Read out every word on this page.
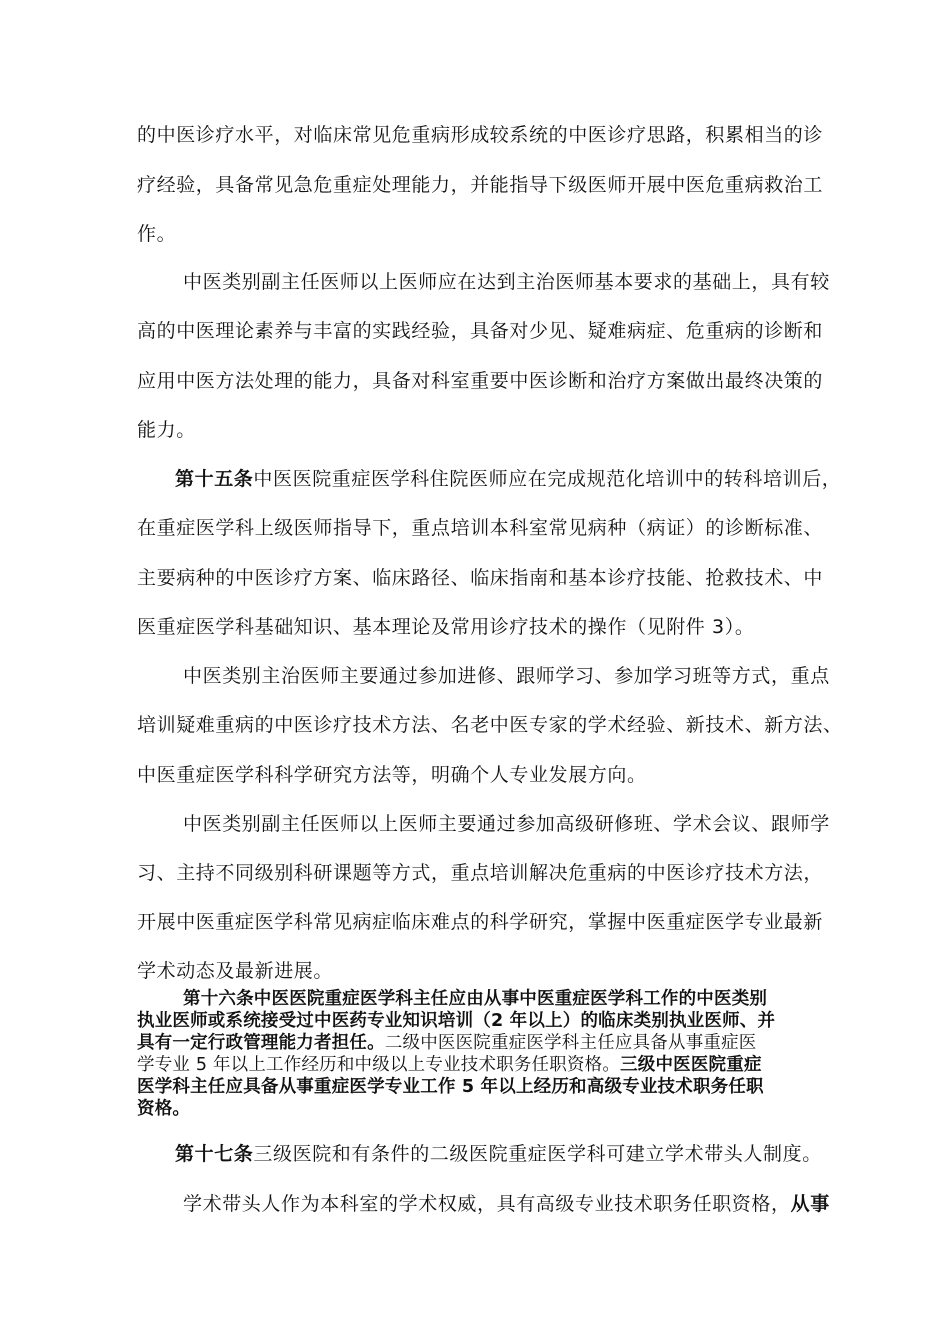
的中医诊疗水平，对临床常见危重病形成较系统的中医诊疗思路，积累相当的诊
疗经验，具备常见急危重症处理能力，并能指导下级医师开展中医危重病救治工
作。
中医类别副主任医师以上医师应在达到主治医师基本要求的基础上，具有较
高的中医理论素养与丰富的实践经验，具备对少见、疑难病症、危重病的诊断和
应用中医方法处理的能力，具备对科室重要中医诊断和治疗方案做出最终决策的
能力。
第十五条中医医院重症医学科住院医师应在完成规范化培训中的转科培训后，
在重症医学科上级医师指导下，重点培训本科室常见病种（病证）的诊断标准、
主要病种的中医诊疗方案、临床路径、临床指南和基本诊疗技能、抢救技术、中
医重症医学科基础知识、基本理论及常用诊疗技术的操作（见附件 3）。
中医类别主治医师主要通过参加进修、跟师学习、参加学习班等方式，重点
培训疑难重病的中医诊疗技术方法、名老中医专家的学术经验、新技术、新方法、
中医重症医学科科学研究方法等，明确个人专业发展方向。
中医类别副主任医师以上医师主要通过参加高级研修班、学术会议、跟师学
习、主持不同级别科研课题等方式，重点培训解决危重病的中医诊疗技术方法，
开展中医重症医学科常见病症临床难点的科学研究，掌握中医重症医学专业最新
学术动态及最新进展。
第十六条中医医院重症医学科主任应由从事中医重症医学科工作的中医类别
执业医师或系统接受过中医药专业知识培训（2 年以上）的临床类别执业医师、并
具有一定行政管理能力者担任。二级中医医院重症医学科主任应具备从事重症医
学专业 5 年以上工作经历和中级以上专业技术职务任职资格。三级中医医院重症
医学科主任应具备从事重症医学专业工作 5 年以上经历和高级专业技术职务任职
资格。
第十七条三级医院和有条件的二级医院重症医学科可建立学术带头人制度。
学术带头人作为本科室的学术权威，具有高级专业技术职务任职资格，从事
